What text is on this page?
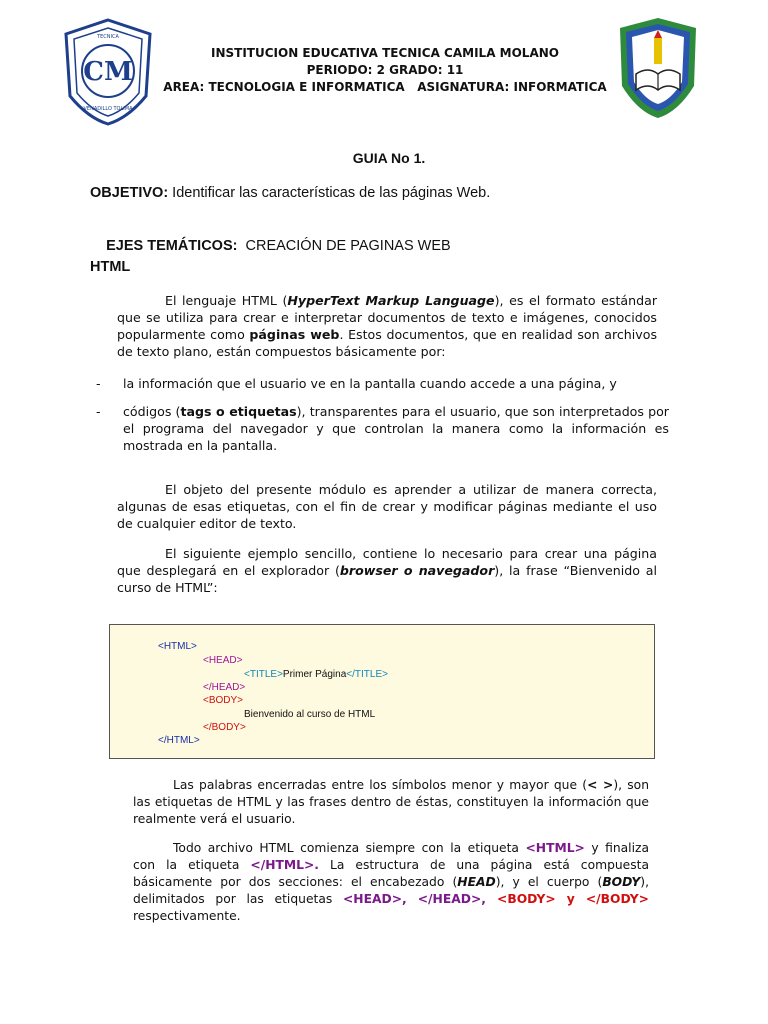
CM
VENADILLO TOLIMA
TECNICA
INSTITUCION EDUCATIVA TECNICA CAMILA MOLANO
PERIODO: 2 GRADO: 11
AREA: TECNOLOGIA E INFORMATICA   ASIGNATURA: INFORMATICA
GUIA No 1.
OBJETIVO: Identificar las características de las páginas Web.

EJES TEMÁTICOS:  CREACIÓN DE PAGINAS WEB

HTML
El lenguaje HTML (HyperText Markup Language), es el formato estándar que se utiliza para crear e interpretar documentos de texto e imágenes, conocidos popularmente como páginas web. Estos documentos, que en realidad son archivos de texto plano, están compuestos básicamente por:
- la información que el usuario ve en la pantalla cuando accede a una página, y
- códigos (tags o etiquetas), transparentes para el usuario, que son interpretados por el programa del navegador y que controlan la manera como la información es mostrada en la pantalla.
El objeto del presente módulo es aprender a utilizar de manera correcta, algunas de esas etiquetas, con el fin de crear y modificar páginas mediante el uso de cualquier editor de texto.
El siguiente ejemplo sencillo, contiene lo necesario para crear una página que desplegará en el explorador (browser o navegador), la frase “Bienvenido al curso de HTML”:
<HTML>
<HEAD>
<TITLE>Primer Página</TITLE>
</HEAD>
<BODY>
Bienvenido al curso de HTML
</BODY>
</HTML>
Las palabras encerradas entre los símbolos menor y mayor que (< >), son las etiquetas de HTML y las frases dentro de éstas, constituyen la información que realmente verá el usuario.
Todo archivo HTML comienza siempre con la etiqueta <HTML> y finaliza con la etiqueta </HTML>. La estructura de una página está compuesta básicamente por dos secciones: el encabezado (HEAD), y el cuerpo (BODY), delimitados por las etiquetas <HEAD>, </HEAD>, <BODY> y </BODY> respectivamente.
